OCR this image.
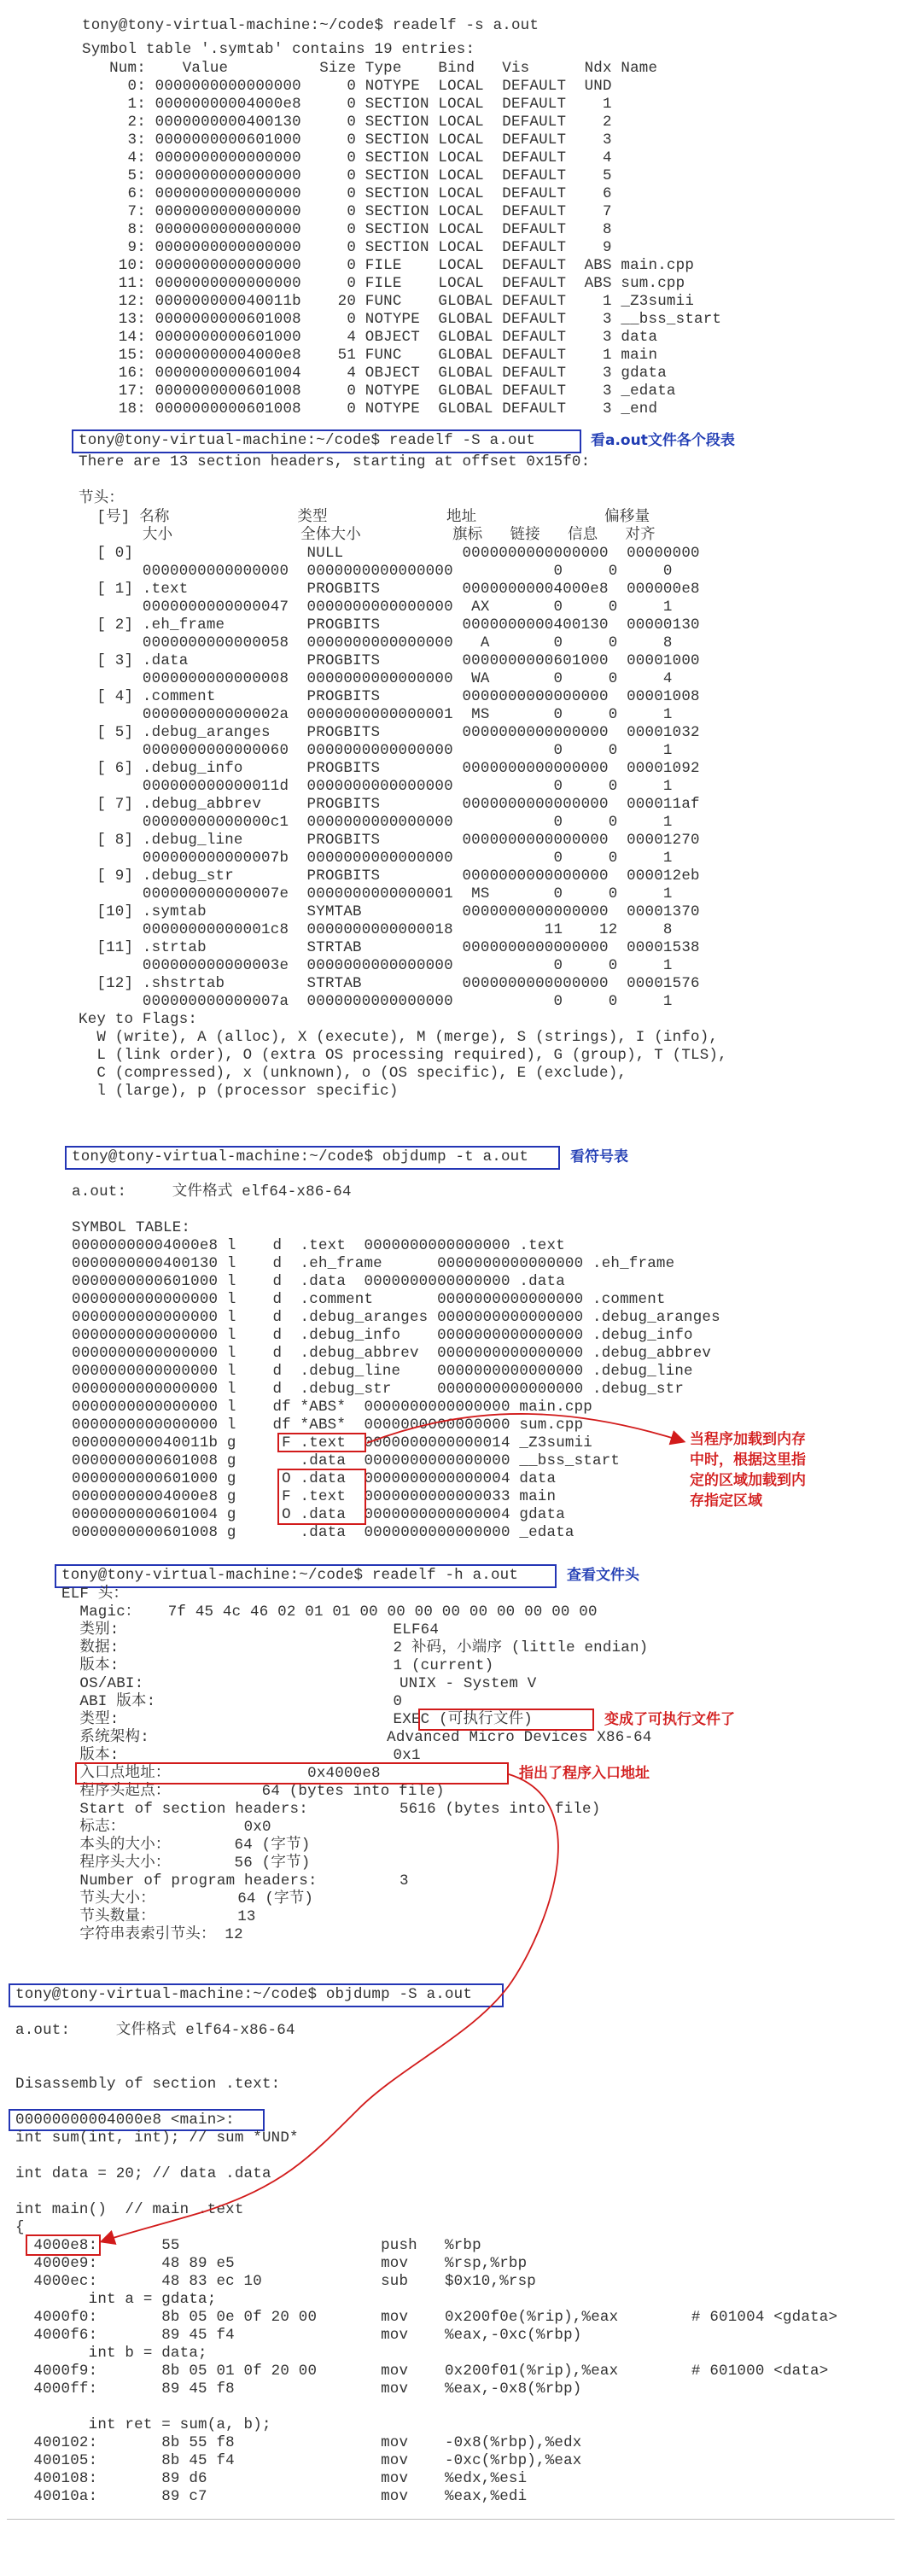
tony@tony-virtual-machine:~/code$ readelf -s a.out
Symbol table '.symtab' contains 19 entries:
Num:    Value          Size Type    Bind   Vis      Ndx Name
0: 0000000000000000     0 NOTYPE  LOCAL  DEFAULT  UND
1: 00000000004000e8     0 SECTION LOCAL  DEFAULT    1
2: 0000000000400130     0 SECTION LOCAL  DEFAULT    2
3: 0000000000601000     0 SECTION LOCAL  DEFAULT    3
4: 0000000000000000     0 SECTION LOCAL  DEFAULT    4
5: 0000000000000000     0 SECTION LOCAL  DEFAULT    5
6: 0000000000000000     0 SECTION LOCAL  DEFAULT    6
7: 0000000000000000     0 SECTION LOCAL  DEFAULT    7
8: 0000000000000000     0 SECTION LOCAL  DEFAULT    8
9: 0000000000000000     0 SECTION LOCAL  DEFAULT    9
10: 0000000000000000     0 FILE    LOCAL  DEFAULT  ABS main.cpp
11: 0000000000000000     0 FILE    LOCAL  DEFAULT  ABS sum.cpp
12: 000000000040011b    20 FUNC    GLOBAL DEFAULT    1 _Z3sumii
13: 0000000000601008     0 NOTYPE  GLOBAL DEFAULT    3 __bss_start
14: 0000000000601000     4 OBJECT  GLOBAL DEFAULT    3 data
15: 00000000004000e8    51 FUNC    GLOBAL DEFAULT    1 main
16: 0000000000601004     4 OBJECT  GLOBAL DEFAULT    3 gdata
17: 0000000000601008     0 NOTYPE  GLOBAL DEFAULT    3 _edata
18: 0000000000601008     0 NOTYPE  GLOBAL DEFAULT    3 _end
tony@tony-virtual-machine:~/code$ readelf -S a.out	看a.out文件各个段表
There are 13 section headers, starting at offset 0x15f0:
节头：
[号] 名称              类型             地址              偏移量
大小              全体大小          旗标   链接   信息   对齐
[ 0]                   NULL             0000000000000000  00000000
0000000000000000  0000000000000000           0     0     0
[ 1] .text             PROGBITS         00000000004000e8  000000e8
0000000000000047  0000000000000000  AX       0     0     1
[ 2] .eh_frame         PROGBITS         0000000000400130  00000130
0000000000000058  0000000000000000   A       0     0     8
[ 3] .data             PROGBITS         0000000000601000  00001000
0000000000000008  0000000000000000  WA       0     0     4
[ 4] .comment          PROGBITS         0000000000000000  00001008
000000000000002a  0000000000000001  MS       0     0     1
[ 5] .debug_aranges    PROGBITS         0000000000000000  00001032
0000000000000060  0000000000000000           0     0     1
[ 6] .debug_info       PROGBITS         0000000000000000  00001092
000000000000011d  0000000000000000           0     0     1
[ 7] .debug_abbrev     PROGBITS         0000000000000000  000011af
00000000000000c1  0000000000000000           0     0     1
[ 8] .debug_line       PROGBITS         0000000000000000  00001270
000000000000007b  0000000000000000           0     0     1
[ 9] .debug_str        PROGBITS         0000000000000000  000012eb
000000000000007e  0000000000000001  MS       0     0     1
[10] .symtab           SYMTAB           0000000000000000  00001370
00000000000001c8  0000000000000018          11    12     8
[11] .strtab           STRTAB           0000000000000000  00001538
000000000000003e  0000000000000000           0     0     1
[12] .shstrtab         STRTAB           0000000000000000  00001576
000000000000007a  0000000000000000           0     0     1
Key to Flags:
W (write), A (alloc), X (execute), M (merge), S (strings), I (info),
L (link order), O (extra OS processing required), G (group), T (TLS),
C (compressed), x (unknown), o (OS specific), E (exclude),
l (large), p (processor specific)
tony@tony-virtual-machine:~/code$ objdump -t a.out	看符号表
a.out:     文件格式 elf64-x86-64
SYMBOL TABLE:
00000000004000e8 l    d  .text  0000000000000000 .text
0000000000400130 l    d  .eh_frame      0000000000000000 .eh_frame
0000000000601000 l    d  .data  0000000000000000 .data
0000000000000000 l    d  .comment       0000000000000000 .comment
0000000000000000 l    d  .debug_aranges 0000000000000000 .debug_aranges
0000000000000000 l    d  .debug_info    0000000000000000 .debug_info
0000000000000000 l    d  .debug_abbrev  0000000000000000 .debug_abbrev
0000000000000000 l    d  .debug_line    0000000000000000 .debug_line
0000000000000000 l    d  .debug_str     0000000000000000 .debug_str
0000000000000000 l    df *ABS*  0000000000000000 main.cpp
0000000000000000 l    df *ABS*  0000000000000000 sum.cpp
000000000040011b g     F .text  0000000000000014 _Z3sumii
0000000000601008 g       .data  0000000000000000 __bss_start
0000000000601000 g     O .data  0000000000000004 data
00000000004000e8 g     F .text  0000000000000033 main
0000000000601004 g     O .data  0000000000000004 gdata
0000000000601008 g       .data  0000000000000000 _edata
当程序加载到内存
中时，根据这里指
定的区域加载到内
存指定区域
tony@tony-virtual-machine:~/code$ readelf -h a.out	查看文件头
ELF 头：
Magic：   7f 45 4c 46 02 01 01 00 00 00 00 00 00 00 00 00
类别:                              ELF64
数据:                              2 补码，小端序 (little endian)
版本:                              1 (current)
OS/ABI:                            UNIX - System V
ABI 版本:                          0
类型:                              EXEC (可执行文件)
系统架构:                          Advanced Micro Devices X86-64
版本:                              0x1
入口点地址：               0x4000e8
程序头起点：          64 (bytes into file)
Start of section headers:          5616 (bytes into file)
标志：             0x0
本头的大小：       64 (字节)
程序头大小：       56 (字节)
Number of program headers:         3
节头大小：         64 (字节)
节头数量：         13
字符串表索引节头： 12
变成了可执行文件了
指出了程序入口地址
tony@tony-virtual-machine:~/code$ objdump -S a.out
a.out:     文件格式 elf64-x86-64
Disassembly of section .text:
00000000004000e8 <main>:
int sum(int, int); // sum *UND*
int data = 20; // data .data
int main()  // main .text
{
4000e8:       55                      push   %rbp
4000e9:       48 89 e5                mov    %rsp,%rbp
4000ec:       48 83 ec 10             sub    $0x10,%rsp
int a = gdata;
4000f0:       8b 05 0e 0f 20 00       mov    0x200f0e(%rip),%eax        # 601004 <gdata>
4000f6:       89 45 f4                mov    %eax,-0xc(%rbp)
int b = data;
4000f9:       8b 05 01 0f 20 00       mov    0x200f01(%rip),%eax        # 601000 <data>
4000ff:       89 45 f8                mov    %eax,-0x8(%rbp)
int ret = sum(a, b);
400102:       8b 55 f8                mov    -0x8(%rbp),%edx
400105:       8b 45 f4                mov    -0xc(%rbp),%eax
400108:       89 d6                   mov    %edx,%esi
40010a:       89 c7                   mov    %eax,%edi
